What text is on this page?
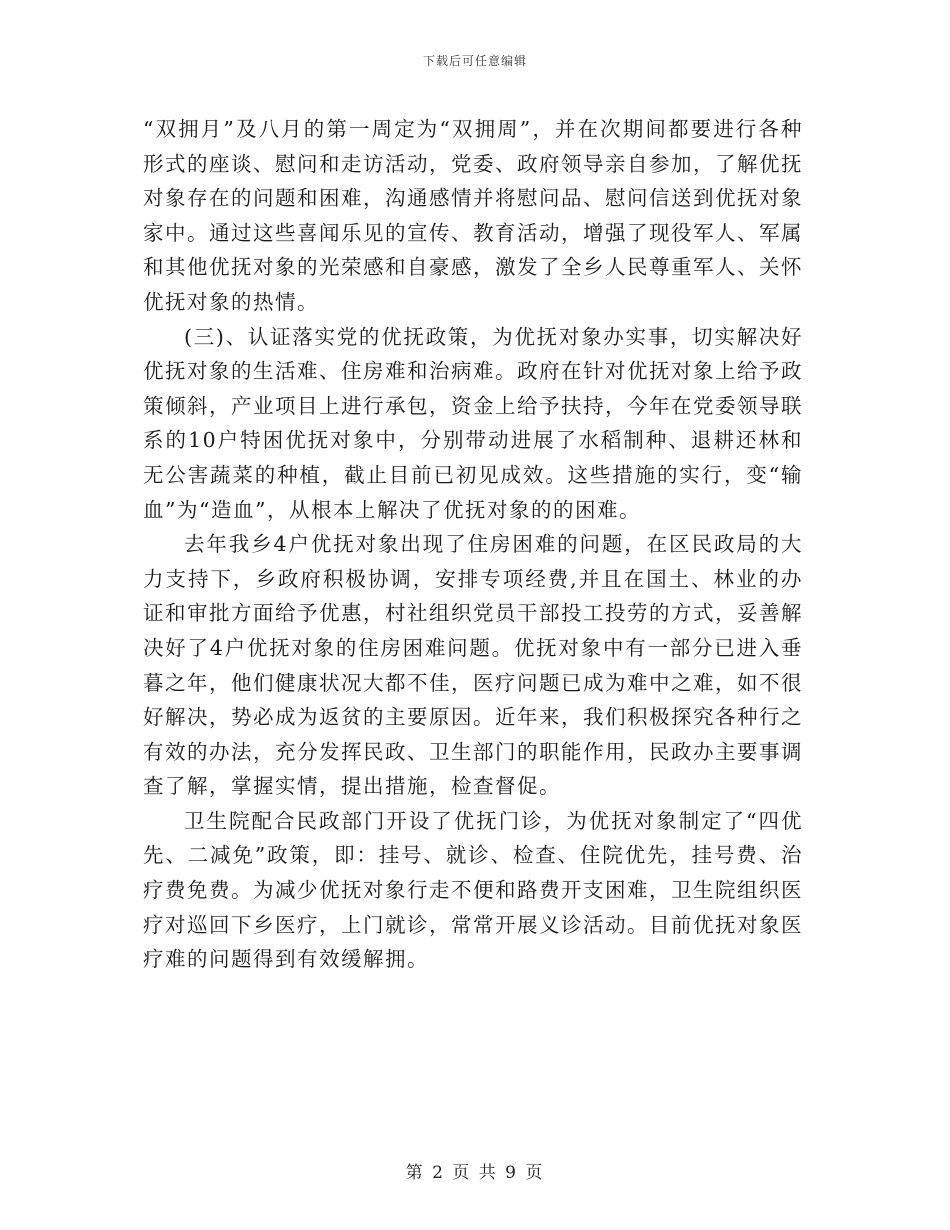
下载后可任意编辑

“双拥月”及八月的第一周定为“双拥周”，并在次期间都要进行各种形式的座谈、慰问和走访活动，党委、政府领导亲自参加，了解优抚对象存在的问题和困难，沟通感情并将慰问品、慰问信送到优抚对象家中。通过这些喜闻乐见的宣传、教育活动，增强了现役军人、军属和其他优抚对象的光荣感和自豪感，激发了全乡人民尊重军人、关怀优抚对象的热情。

(三)、认证落实党的优抚政策，为优抚对象办实事，切实解决好优抚对象的生活难、住房难和治病难。政府在针对优抚对象上给予政策倾斜，产业项目上进行承包，资金上给予扶持，今年在党委领导联系的10户特困优抚对象中，分别带动进展了水稻制种、退耕还林和无公害蔬菜的种植，截止目前已初见成效。这些措施的实行，变“输血”为“造血”，从根本上解决了优抚对象的的困难。

去年我乡4户优抚对象出现了住房困难的问题，在区民政局的大力支持下，乡政府积极协调，安排专项经费,并且在国土、林业的办证和审批方面给予优惠，村社组织党员干部投工投劳的方式，妥善解决好了4户优抚对象的住房困难问题。优抚对象中有一部分已进入垂暮之年，他们健康状况大都不佳，医疗问题已成为难中之难，如不很好解决，势必成为返贫的主要原因。近年来，我们积极探究各种行之有效的办法，充分发挥民政、卫生部门的职能作用，民政办主要事调查了解，掌握实情，提出措施，检查督促。

卫生院配合民政部门开设了优抚门诊，为优抚对象制定了“四优先、二减免”政策，即：挂号、就诊、检查、住院优先，挂号费、治疗费免费。为减少优抚对象行走不便和路费开支困难，卫生院组织医疗对巡回下乡医疗，上门就诊，常常开展义诊活动。目前优抚对象医疗难的问题得到有效缓解拥。

第 2 页 共 9 页
